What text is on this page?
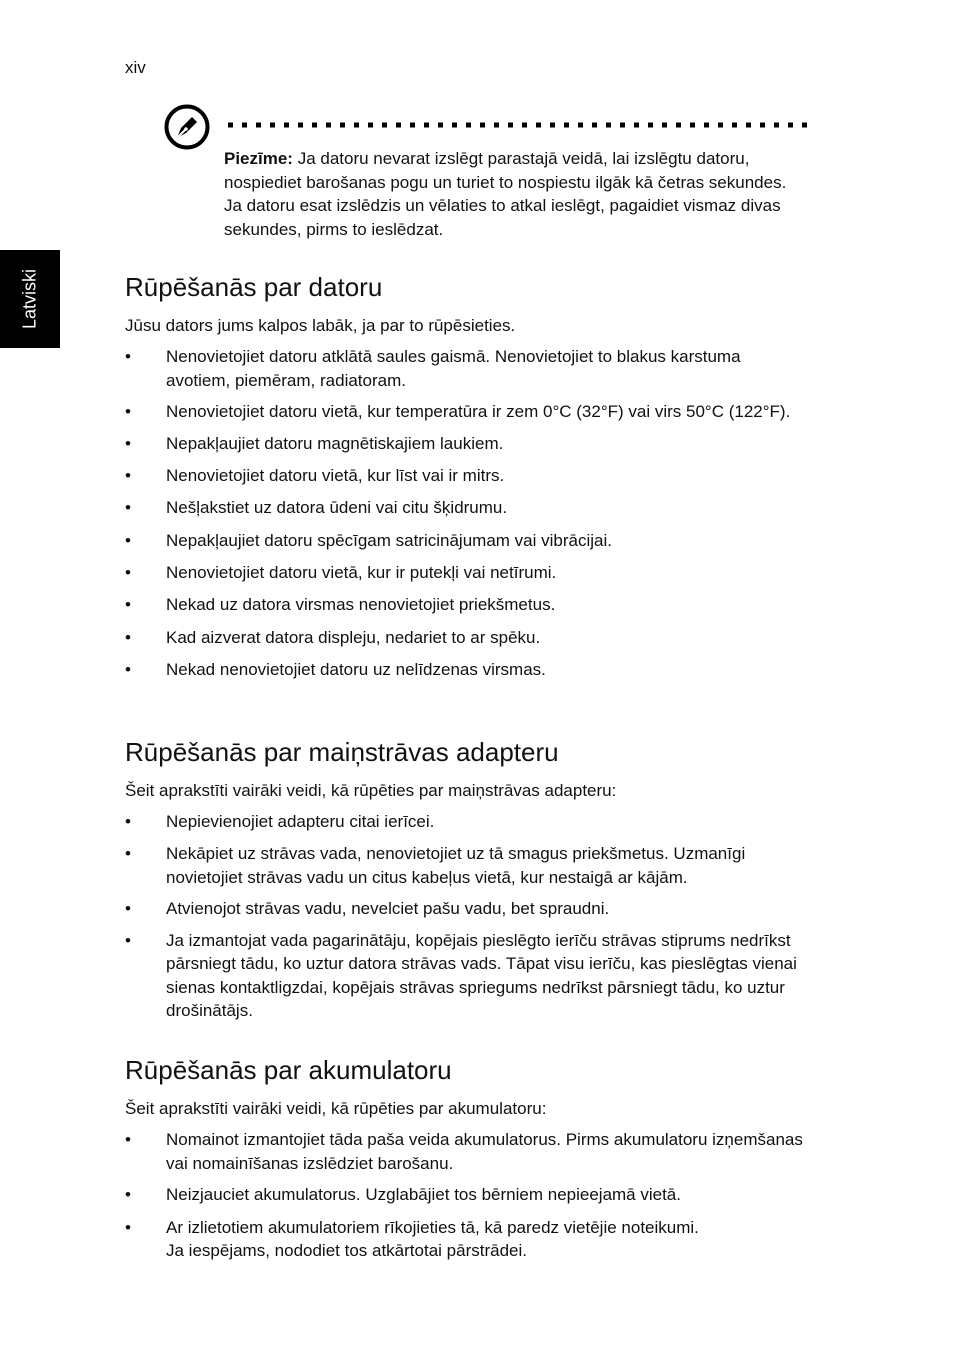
xiv
Latviski

Piezīme: Ja datoru nevarat izslēgt parastajā veidā, lai izslēgtu datoru, nospiediet barošanas pogu un turiet to nospiestu ilgāk kā četras sekundes. Ja datoru esat izslēdzis un vēlaties to atkal ieslēgt, pagaidiet vismaz divas sekundes, pirms to ieslēdzat.

Rūpēšanās par datoru

Jūsu dators jums kalpos labāk, ja par to rūpēsieties.

• Nenovietojiet datoru atklātā saules gaismā. Nenovietojiet to blakus karstuma avotiem, piemēram, radiatoram.
• Nenovietojiet datoru vietā, kur temperatūra ir zem 0°C (32°F) vai virs 50°C (122°F).
• Nepakļaujiet datoru magnētiskajiem laukiem.
• Nenovietojiet datoru vietā, kur līst vai ir mitrs.
• Nešļakstiet uz datora ūdeni vai citu šķidrumu.
• Nepakļaujiet datoru spēcīgam satricinājumam vai vibrācijai.
• Nenovietojiet datoru vietā, kur ir putekļi vai netīrumi.
• Nekad uz datora virsmas nenovietojiet priekšmetus.
• Kad aizverat datora displeju, nedariet to ar spēku.
• Nekad nenovietojiet datoru uz nelīdzenas virsmas.
Rūpēšanās par maiņstrāvas adapteru

Šeit aprakstīti vairāki veidi, kā rūpēties par maiņstrāvas adapteru:

• Nepievienojiet adapteru citai ierīcei.
• Nekāpiet uz strāvas vada, nenovietojiet uz tā smagus priekšmetus. Uzmanīgi novietojiet strāvas vadu un citus kabeļus vietā, kur nestaigā ar kājām.
• Atvienojot strāvas vadu, nevelciet pašu vadu, bet spraudni.
• Ja izmantojat vada pagarinātāju, kopējais pieslēgto ierīču strāvas stiprums nedrīkst pārsniegt tādu, ko uztur datora strāvas vads. Tāpat visu ierīču, kas pieslēgtas vienai sienas kontaktligzdai, kopējais strāvas spriegums nedrīkst pārsniegt tādu, ko uztur drošinātājs.
Rūpēšanās par akumulatoru

Šeit aprakstīti vairāki veidi, kā rūpēties par akumulatoru:

• Nomainot izmantojiet tāda paša veida akumulatorus. Pirms akumulatoru izņemšanas vai nomainīšanas izslēdziet barošanu.
• Neizjauciet akumulatorus. Uzglabājiet tos bērniem nepieejamā vietā.
• Ar izlietotiem akumulatoriem rīkojieties tā, kā paredz vietējie noteikumi.
Ja iespējams, nododiet tos atkārtotai pārstrādei.
